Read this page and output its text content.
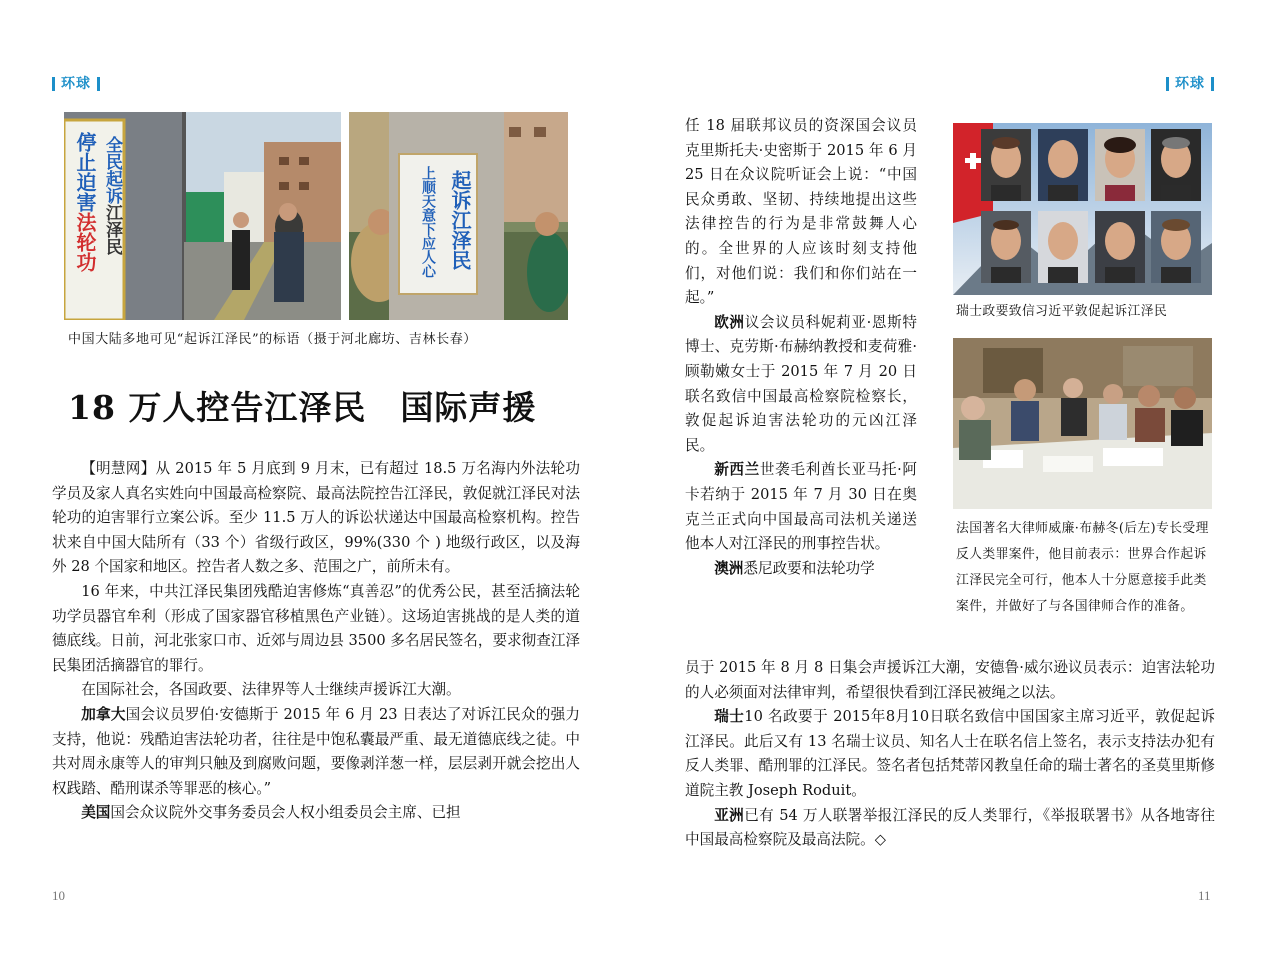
环球	环球
停止迫害法轮功
全民起诉江泽民	上顺天意下应人心 起诉江泽民
中国大陆多地可见“起诉江泽民”的标语（摄于河北廊坊、吉林长春）
18 万人控告江泽民　国际声援

【明慧网】从 2015 年 5 月底到 9 月末，已有超过 18.5 万名海内外法轮功学员及家人真名实姓向中国最高检察院、最高法院控告江泽民，敦促就江泽民对法轮功的迫害罪行立案公诉。至少 11.5 万人的诉讼状递达中国最高检察机构。控告状来自中国大陆所有（33 个）省级行政区，99%(330 个 ) 地级行政区，以及海外 28 个国家和地区。控告者人数之多、范围之广，前所未有。

16 年来，中共江泽民集团残酷迫害修炼“真善忍”的优秀公民，甚至活摘法轮功学员器官牟利（形成了国家器官移植黑色产业链）。这场迫害挑战的是人类的道德底线。日前，河北张家口市、近郊与周边县 3500 多名居民签名，要求彻查江泽民集团活摘器官的罪行。

在国际社会，各国政要、法律界等人士继续声援诉江大潮。

加拿大国会议员罗伯·安德斯于 2015 年 6 月 23 日表达了对诉江民众的强力支持，他说：残酷迫害法轮功者，往往是中饱私囊最严重、最无道德底线之徒。中共对周永康等人的审判只触及到腐败问题，要像剥洋葱一样，层层剥开就会挖出人权践踏、酷刑谋杀等罪恶的核心。”

美国国会众议院外交事务委员会人权小组委员会主席、已担

10

任 18 届联邦议员的资深国会议员克里斯托夫·史密斯于 2015 年 6 月 25 日在众议院听证会上说：“中国民众勇敢、坚韧、持续地提出这些法律控告的行为是非常鼓舞人心的。全世界的人应该时刻支持他们，对他们说：我们和你们站在一起。”

欧洲议会议员科妮莉亚·恩斯特博士、克劳斯·布赫纳教授和麦荷雅·顾勒嫩女士于 2015 年 7 月 20 日联名致信中国最高检察院检察长，敦促起诉迫害法轮功的元凶江泽民。

新西兰世袭毛利酋长亚马托·阿卡若纳于 2015 年 7 月 30 日在奥克兰正式向中国最高司法机关递送他本人对江泽民的刑事控告状。

澳洲悉尼政要和法轮功学

员于 2015 年 8 月 8 日集会声援诉江大潮，安德鲁·威尔逊议员表示：迫害法轮功的人必须面对法律审判，希望很快看到江泽民被绳之以法。

瑞士10 名政要于 2015年8月10日联名致信中国国家主席习近平，敦促起诉江泽民。此后又有 13 名瑞士议员、知名人士在联名信上签名，表示支持法办犯有反人类罪、酷刑罪的江泽民。签名者包括梵蒂冈教皇任命的瑞士著名的圣莫里斯修道院主教 Joseph Roduit。

亚洲已有 54 万人联署举报江泽民的反人类罪行，《举报联署书》从各地寄往中国最高检察院及最高法院。◇

瑞士政要致信习近平敦促起诉江泽民
法国著名大律师威廉·布赫冬(后左)专长受理反人类罪案件，他目前表示：世界合作起诉江泽民完全可行，他本人十分愿意接手此类案件，并做好了与各国律师合作的准备。
11
